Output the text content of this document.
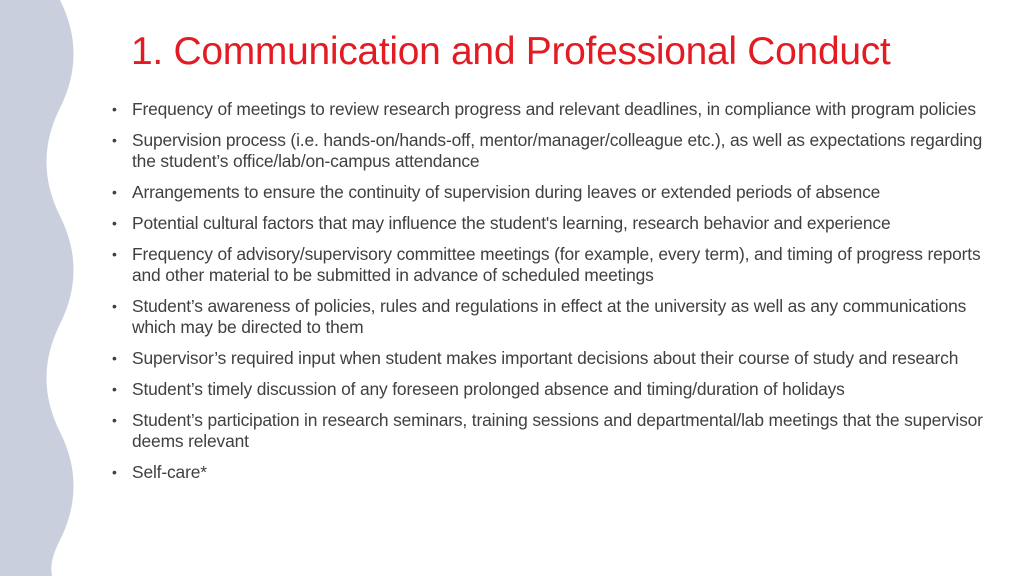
1. Communication and Professional Conduct
• Frequency of meetings to review research progress and relevant deadlines, in compliance with program policies
• Supervision process (i.e. hands-on/hands-off, mentor/manager/colleague etc.), as well as expectations regarding the student’s office/lab/on-campus attendance
• Arrangements to ensure the continuity of supervision during leaves or extended periods of absence
• Potential cultural factors that may influence the student's learning, research behavior and experience
• Frequency of advisory/supervisory committee meetings (for example, every term), and timing of progress reports and other material to be submitted in advance of scheduled meetings
• Student’s awareness of policies, rules and regulations in effect at the university as well as any communications which may be directed to them
• Supervisor’s required input when student makes important decisions about their course of study and research
• Student’s timely discussion of any foreseen prolonged absence and timing/duration of holidays
• Student’s participation in research seminars, training sessions and departmental/lab meetings that the supervisor deems relevant
• Self-care*
